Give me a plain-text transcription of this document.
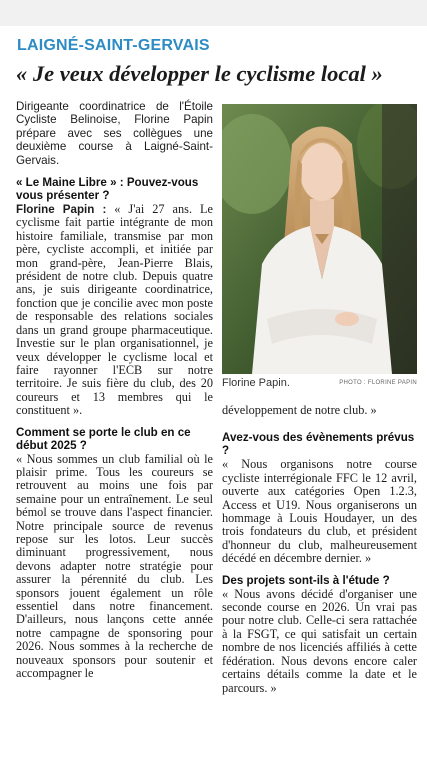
LAIGNÉ-SAINT-GERVAIS
« Je veux développer le cyclisme local »

Dirigeante coordinatrice de l'Étoile Cycliste Belinoise, Florine Papin prépare avec ses collègues une deuxième course à Laigné-Saint-Gervais.

« Le Maine Libre » : Pouvez-vous vous présenter ?

Florine Papin : « J'ai 27 ans. Le cyclisme fait partie intégrante de mon histoire familiale, transmise par mon père, cycliste accompli, et initiée par mon grand-père, Jean-Pierre Blais, président de notre club. Depuis quatre ans, je suis dirigeante coordinatrice, fonction que je concilie avec mon poste de responsable des relations sociales dans un grand groupe pharmaceutique. Investie sur le plan organisationnel, je veux développer le cyclisme local et faire rayonner l'ECB sur notre territoire. Je suis fière du club, des 20 coureurs et 13 membres qui le constituent ».

Comment se porte le club en ce début 2025 ?

« Nous sommes un club familial où le plaisir prime. Tous les coureurs se retrouvent au moins une fois par semaine pour un entraînement. Le seul bémol se trouve dans l'aspect financier. Notre principale source de revenus repose sur les lotos. Leur succès diminuant progressivement, nous devons adapter notre stratégie pour assurer la pérennité du club. Les sponsors jouent également un rôle essentiel dans notre financement. D'ailleurs, nous lançons cette année notre campagne de sponsoring pour 2026. Nous sommes à la recherche de nouveaux sponsors pour soutenir et accompagner le

Florine Papin.	PHOTO : FLORINE PAPIN

développement de notre club. »

Avez-vous des évènements prévus ?

« Nous organisons notre course cycliste interrégionale FFC le 12 avril, ouverte aux catégories Open 1.2.3, Access et U19. Nous organiserons un hommage à Louis Houdayer, un des trois fondateurs du club, et président d'honneur du club, malheureusement décédé en décembre dernier. »

Des projets sont-ils à l'étude ?

« Nous avons décidé d'organiser une seconde course en 2026. Un vrai pas pour notre club. Celle-ci sera rattachée à la FSGT, ce qui satisfait un certain nombre de nos licenciés affiliés à cette fédération. Nous devons encore caler certains détails comme la date et le parcours. »
